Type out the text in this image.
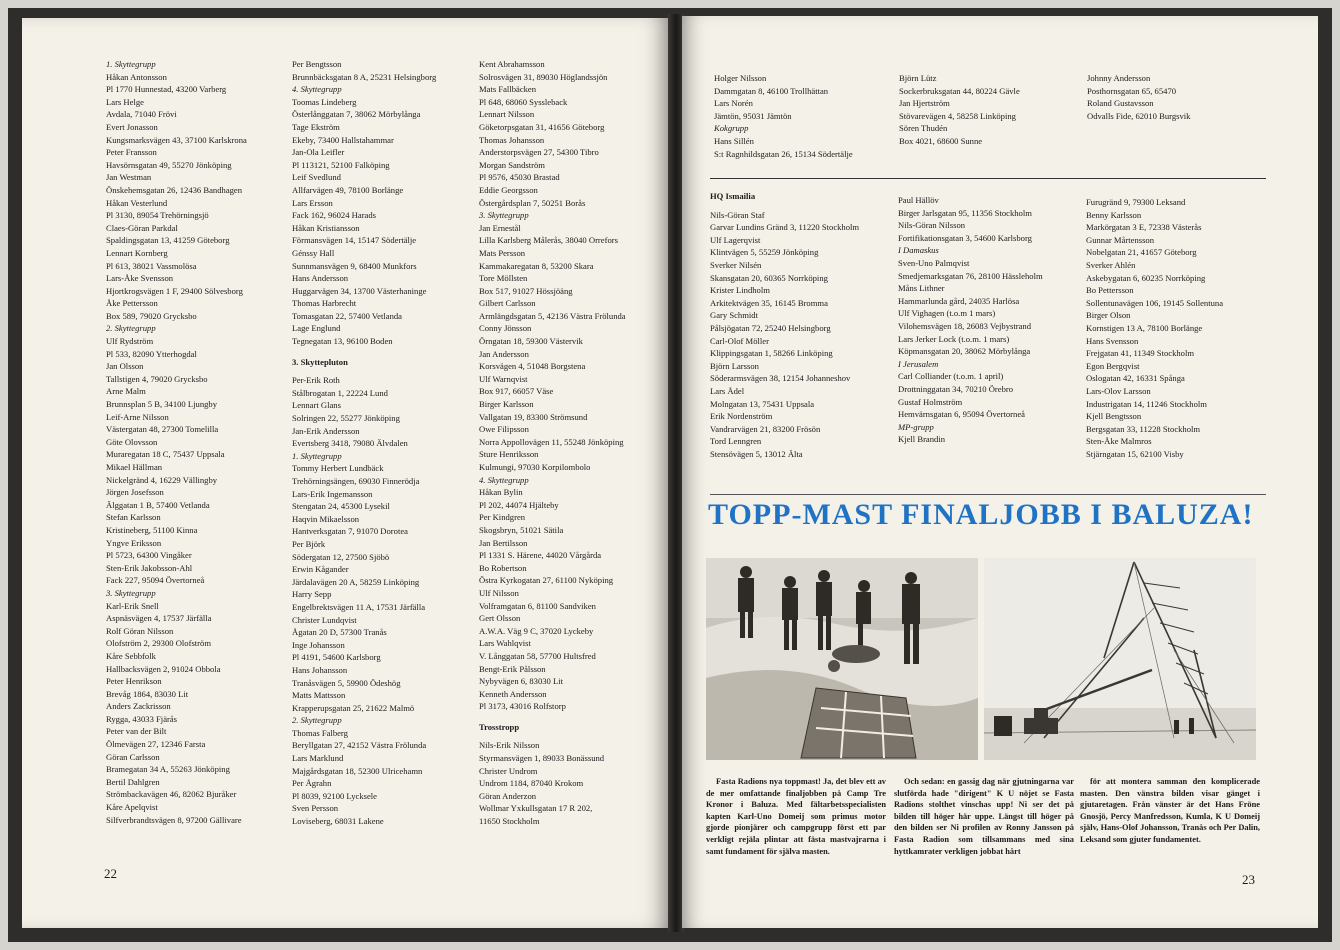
1. Skyttegrupp
Håkan Antonsson
Pl 1770 Hunnestad, 43200 Varberg
Lars Helge
Avdala, 71040 Frövi
Evert Jonasson
Kungsmarksvägen 43, 37100 Karlskrona
Peter Fransson
Havsörnsgatan 49, 55270 Jönköping
Jan Westman
Önskehemsgatan 26, 12436 Bandhagen
Håkan Vesterlund
Pl 3130, 89054 Trehörningsjö
Claes-Göran Parkdal
Spaldingsgatan 13, 41259 Göteborg
Lennart Kornberg
Pl 613, 38021 Vassmolösa
Lars-Åke Svensson
Hjortkrogsvägen 1 F, 29400 Sölvesborg
Åke Pettersson
Box 589, 79020 Grycksbo
2. Skyttegrupp
Ulf Rydström
Pl 533, 82090 Ytterhogdal
Jan Olsson
Tallstigen 4, 79020 Grycksbo
Arne Malm
Brunnsplan 5 B, 34100 Ljungby
Leif-Arne Nilsson
Västergatan 48, 27300 Tomelilla
Göte Olovsson
Muraregatan 18 C, 75437 Uppsala
Mikael Hällman
Nickelgränd 4, 16229 Vällingby
Jörgen Josefsson
Älggatan 1 B, 57400 Vetlanda
Stefan Karlsson
Kristineberg, 51100 Kinna
Yngve Eriksson
Pl 5723, 64300 Vingåker
Sten-Erik Jakobsson-Ahl
Fack 227, 95094 Övertorneå
3. Skyttegrupp
Karl-Erik Snell
Aspnäsvägen 4, 17537 Järfälla
Rolf Göran Nilsson
Olofström 2, 29300 Olofström
Kåre Sebbfolk
Hallbacksvägen 2, 91024 Obbola
Peter Henrikson
Brevåg 1864, 83030 Lit
Anders Zackrisson
Rygga, 43033 Fjärås
Peter van der Bilt
Ölmevägen 27, 12346 Farsta
Göran Carlsson
Bramegatan 34 A, 55263 Jönköping
Bertil Dahlgren
Strömbackavägen 46, 82062 Bjuråker
Kåre Apelqvist
Silfverbrandtsvägen 8, 97200 Gällivare
Per Bengtsson
Brunnbäcksgatan 8 A, 25231 Helsingborg
4. Skyttegrupp
Toomas Lindeberg
Österlånggatan 7, 38062 Mörbylånga
Tage Ekström
Ekeby, 73400 Hallstahammar
Jan-Ola Leifler
Pl 113121, 52100 Falköping
Leif Svedlund
Allfarvägen 49, 78100 Borlänge
Lars Ersson
Fack 162, 96024 Harads
Håkan Kristiansson
Förmansvägen 14, 15147 Södertälje
Génssy Hall
Sunnmansvägen 9, 68400 Munkfors
Hans Andersson
Huggarvägen 34, 13700 Västerhaninge
Thomas Harbrecht
Tomasgatan 22, 57400 Vetlanda
Lage Englund
Tegnegatan 13, 96100 Boden
3. Skyttepluton
Per-Erik Roth
Stålbrogatan 1, 22224 Lund
Lennart Glans
Solringen 22, 55277 Jönköping
Jan-Erik Andersson
Evertsberg 3418, 79080 Älvdalen
1. Skyttegrupp
Tommy Herbert Lundbäck
Trehörningsängen, 69030 Finnerödja
Lars-Erik Ingemansson
Stengatan 24, 45300 Lysekil
Haqvin Mikaelsson
Hantverksgatan 7, 91070 Dorotea
Per Björk
Södergatan 12, 27500 Sjöbö
Erwin Kågander
Järdalavägen 20 A, 58259 Linköping
Harry Sepp
Engelbrektsvägen 11 A, 17531 Järfälla
Christer Lundqvist
Ågatan 20 D, 57300 Tranås
Inge Johansson
Pl 4191, 54600 Karlsborg
Hans Johansson
Tranåsvägen 5, 59900 Ödeshög
Matts Mattsson
Krapperupsgatan 25, 21622 Malmö
2. Skyttegrupp
Thomas Falberg
Beryllgatan 27, 42152 Västra Frölunda
Lars Marklund
Majgårdsgatan 18, 52300 Ulricehamn
Per Ågrahn
Pl 8039, 92100 Lycksele
Sven Persson
Loviseberg, 68031 Lakene
Kent Abrahamsson
Solrosvägen 31, 89030 Höglandssjön
Mats Fallbäcken
Pl 648, 68060 Syssleback
Lennart Nilsson
Göketorpsgatan 31, 41656 Göteborg
Thomas Johansson
Anderstorpsvägen 27, 54300 Tibro
Morgan Sandström
Pl 9576, 45030 Brastad
Eddie Georgsson
Östergårdsplan 7, 50251 Borås
3. Skyttegrupp
Jan Ernestål
Lilla Karlsberg Målerås, 38040 Orrefors
Mats Persson
Kammakaregatan 8, 53200 Skara
Tore Möllsten
Box 517, 91027 Hössjöäng
Gilbert Carlsson
Armlängdsgatan 5, 42136 Västra Frölunda
Conny Jönsson
Örngatan 18, 59300 Västervik
Jan Andersson
Korsvägen 4, 51048 Borgstena
Ulf Warnqvist
Box 917, 66057 Väse
Birger Karlsson
Vallgatan 19, 83300 Strömsund
Owe Filipsson
Norra Appollovägen 11, 55248 Jönköping
Sture Henriksson
Kulmungi, 97030 Korpilombolo
4. Skyttegrupp
Håkan Bylin
Pl 202, 44074 Hjälteby
Per Kindgren
Skogsbryn, 51021 Sätila
Jan Bertilsson
Pl 1331 S. Härene, 44020 Vårgårda
Bo Robertson
Östra Kyrkogatan 27, 61100 Nyköping
Ulf Nilsson
Volframgatan 6, 81100 Sandviken
Gert Olsson
A.W.A. Väg 9 C, 37020 Lyckeby
Lars Wahlqvist
V. Långgatan 58, 57700 Hultsfred
Bengt-Erik Pålsson
Nybyvägen 6, 83030 Lit
Kenneth Andersson
Pl 3173, 43016 Rolfstorp
Trosstropp
Nils-Erik Nilsson
Styrmansvägen 1, 89033 Bonässund
Christer Undrom
Undrom 1184, 87040 Krokom
Göran Anderzon
Wollmar Yxkullsgatan 17 R 202,
11650 Stockholm
22
Holger Nilsson
Dammgatan 8, 46100 Trollhättan
Lars Norén
Jämtön, 95031 Jämtön
Kokgrupp
Hans Sillén
S:t Ragnhildsgatan 26, 15134 Södertälje
Björn Lütz
Sockerbruksgatan 44, 80224 Gävle
Jan Hjertström
Stövarevägen 4, 58258 Linköping
Sören Thudén
Box 4021, 68600 Sunne
Johnny Andersson
Posthornsgatan 65, 65470
Roland Gustavsson
Odvalls Fide, 62010 Burgsvik
HQ Ismailia
Nils-Göran Staf
Garvar Lundins Gränd 3, 11220 Stockholm
Ulf Lagerqvist
Klintvägen 5, 55259 Jönköping
Sverker Nilsén
Skansgatan 20, 60365 Norrköping
Krister Lindholm
Arkitektvägen 35, 16145 Bromma
Gary Schmidt
Pålsjögatan 72, 25240 Helsingborg
Carl-Olof Möller
Klippingsgatan 1, 58266 Linköping
Björn Larsson
Söderarmsvägen 38, 12154 Johanneshov
Lars Ådel
Molngatan 13, 75431 Uppsala
Erik Nordenström
Vandrarvägen 21, 83200 Frösön
Tord Lenngren
Stensövägen 5, 13012 Älta
Paul Hällöv
Birger Jarlsgatan 95, 11356 Stockholm
Nils-Göran Nilsson
Fortifikationsgatan 3, 54600 Karlsborg
I Damaskus
Sven-Uno Palmqvist
Smedjemarksgatan 76, 28100 Hässleholm
Måns Lithner
Hammarlunda gård, 24035 Harlösa
Ulf Vighagen (t.o.m 1 mars)
Vilohemsvägen 18, 26083 Vejbystrand
Lars Jerker Lock (t.o.m. 1 mars)
Köpmansgatan 20, 38062 Mörbylånga
I Jerusalem
Carl Colliander (t.o.m. 1 april)
Drottninggatan 34, 70210 Örebro
Gustaf Holmström
Hemvärnsgatan 6, 95094 Övertorneå
MP-grupp
Kjell Brandin
Furugränd 9, 79300 Leksand
Benny Karlsson
Markörgatan 3 E, 72338 Västerås
Gunnar Mårtensson
Nobelgatan 21, 41657 Göteborg
Sverker Ahlén
Askebygatan 6, 60235 Norrköping
Bo Pettersson
Sollentunavägen 106, 19145 Sollentuna
Birger Olson
Kornstigen 13 A, 78100 Borlänge
Hans Svensson
Frejgatan 41, 11349 Stockholm
Egon Bergqvist
Oslogatan 42, 16331 Spånga
Lars-Olov Larsson
Industrigatan 14, 11246 Stockholm
Kjell Bengtsson
Bergsgatan 33, 11228 Stockholm
Sten-Åke Malmros
Stjärngatan 15, 62100 Visby
TOPP-MAST FINALJOBB I BALUZA!

Fasta Radions nya toppmast! Ja, det blev ett av de mer omfattande finaljobben på Camp Tre Kronor i Baluza. Med fältarbetsspecialisten kapten Karl-Uno Domeij som primus motor gjorde pionjärer och campgrupp först ett par verkligt rejäla plintar att fästa mastvajrarna i samt fundament för själva masten.

Och sedan: en gassig dag när gjutningarna var slutförda hade "dirigent" K U nöjet se Fasta Radions stolthet vinschas upp! Ni ser det på bilden till höger här uppe. Längst till höger på den bilden ser Ni profilen av Ronny Jansson på Fasta Radion som tillsammans med sina hyttkamrater verkligen jobbat hårt

för att montera samman den komplicerade masten. Den vänstra bilden visar gänget i gjutaretagen. Från vänster är det Hans Fröne Gnosjö, Percy Manfredsson, Kumla, K U Domeij själv, Hans-Olof Johansson, Tranås och Per Dalin, Leksand som gjuter fundamentet.

23
